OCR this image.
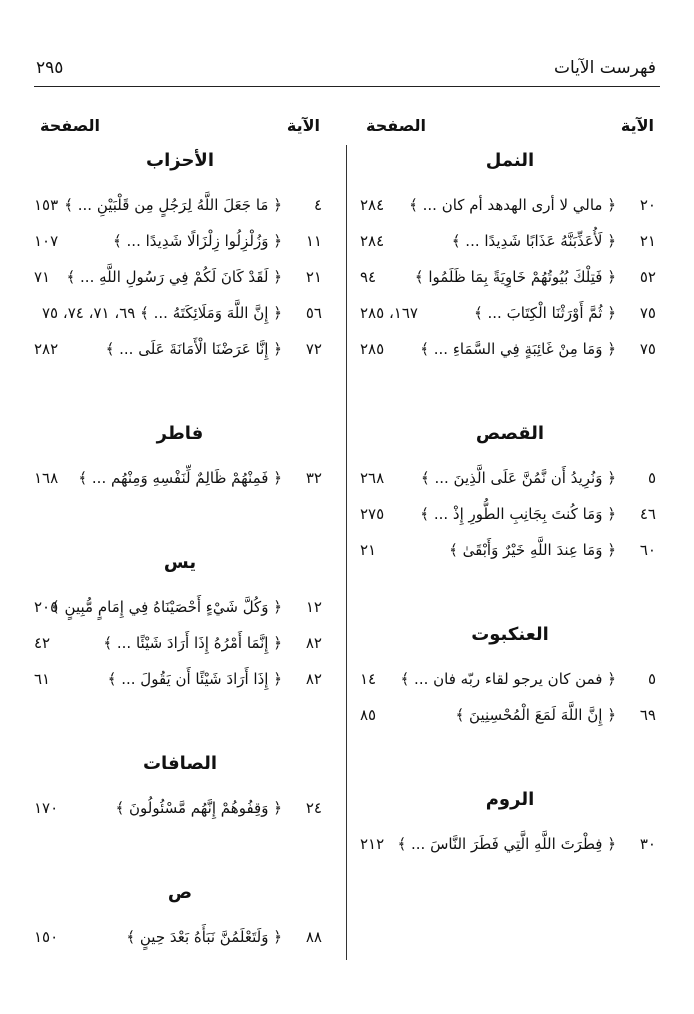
فهرست الآيات
٢٩٥
الآية
الصفحة
النمل
٢٠
﴿ مالي لا أرى الهدهد أم كان ... ﴾
٢٨٤
٢١
﴿ لَأُعَذِّبَنَّهُ عَذَابًا شَدِيدًا ... ﴾
٢٨٤
٥٢
﴿ فَتِلْكَ بُيُوتُهُمْ خَاوِيَةً بِمَا ظَلَمُوا ﴾
٩٤
٧٥
﴿ ثُمَّ أَوْرَثْنَا الْكِتَابَ ... ﴾
١٦٧، ٢٨٥
٧٥
﴿ وَمَا مِنْ غَائِبَةٍ فِي السَّمَاءِ ... ﴾
٢٨٥
القصص
٥
﴿ وَنُرِيدُ أَن نَّمُنَّ عَلَى الَّذِينَ ... ﴾
٢٦٨
٤٦
﴿ وَمَا كُنتَ بِجَانِبِ الطُّورِ إِذْ ... ﴾
٢٧٥
٦٠
﴿ وَمَا عِندَ اللَّهِ خَيْرٌ وَأَبْقَىٰ ﴾
٢١
العنكبوت
٥
﴿ فمن كان يرجو لقاء ربّه فان ... ﴾
١٤
٦٩
﴿ إِنَّ اللَّهَ لَمَعَ الْمُحْسِنِينَ ﴾
٨٥
الروم
٣٠
﴿ فِطْرَتَ اللَّهِ الَّتِي فَطَرَ النَّاسَ ... ﴾
٢١٢
الآية
الصفحة
الأحزاب
٤
﴿ مَا جَعَلَ اللَّهُ لِرَجُلٍ مِن قَلْبَيْنِ ... ﴾
١٥٣
١١
﴿ وَزُلْزِلُوا زِلْزَالًا شَدِيدًا ... ﴾
١٠٧
٢١
﴿ لَقَدْ كَانَ لَكُمْ فِي رَسُولِ اللَّهِ ... ﴾
٧١
٥٦
﴿ إِنَّ اللَّهَ وَمَلَائِكَتَهُ ... ﴾ ٦٩، ٧١، ٧٤، ٧٥
٧٢
﴿ إِنَّا عَرَضْنَا الْأَمَانَةَ عَلَى ... ﴾
٢٨٢
فاطر
٣٢
﴿ فَمِنْهُمْ ظَالِمٌ لِّنَفْسِهِ وَمِنْهُم ... ﴾
١٦٨
يس
١٢
﴿ وَكُلَّ شَيْءٍ أَحْصَيْنَاهُ فِي إِمَامٍ مُّبِينٍ ﴾
٢٠٥
٨٢
﴿ إِنَّمَا أَمْرُهُ إِذَا أَرَادَ شَيْئًا ... ﴾
٤٢
٨٢
﴿ إِذَا أَرَادَ شَيْئًا أَن يَقُولَ ... ﴾
٦١
الصافات
٢٤
﴿ وَقِفُوهُمْ إِنَّهُم مَّسْئُولُونَ ﴾
١٧٠
ص
٨٨
﴿ وَلَتَعْلَمُنَّ نَبَأَهُ بَعْدَ حِينٍ ﴾
١٥٠
